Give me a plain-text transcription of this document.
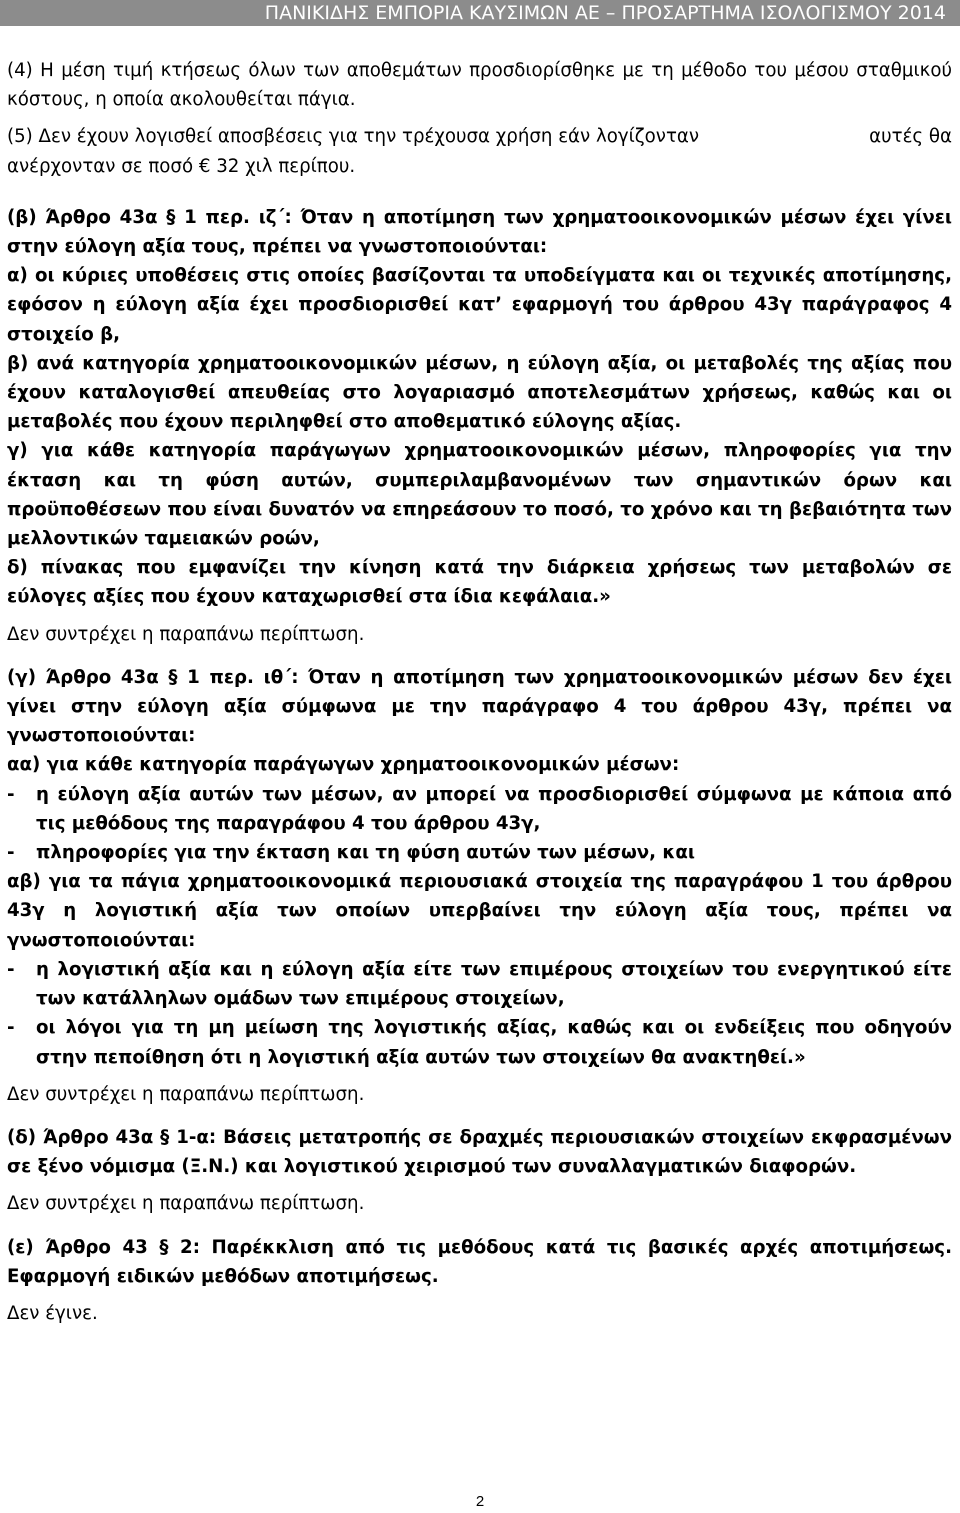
ΠΑΝΙΚΙΔΗΣ ΕΜΠΟΡΙΑ ΚΑΥΣΙΜΩΝ ΑΕ – ΠΡΟΣΑΡΤΗΜΑ ΙΣΟΛΟΓΙΣΜΟΥ 2014

(4) Η μέση τιμή κτήσεως όλων των αποθεμάτων προσδιορίσθηκε με τη μέθοδο του μέσου σταθμικού κόστους, η οποία ακολουθείται πάγια.

(5) Δεν έχουν λογισθεί αποσβέσεις για την τρέχουσα χρήση εάν λογίζονταν	αυτές θα

ανέρχονταν σε ποσό € 32 χιλ περίπου.

(β) Άρθρο 43α § 1 περ. ιζ΄: Όταν η αποτίμηση των χρηματοοικονομικών μέσων έχει γίνει στην εύλογη αξία τους, πρέπει να γνωστοποιούνται:

α) οι κύριες υποθέσεις στις οποίες βασίζονται τα υποδείγματα και οι τεχνικές αποτίμησης, εφόσον η εύλογη αξία έχει προσδιορισθεί κατ’ εφαρμογή του άρθρου 43γ παράγραφος 4 στοιχείο β,

β) ανά κατηγορία χρηματοοικονομικών μέσων, η εύλογη αξία, οι μεταβολές της αξίας που έχουν καταλογισθεί απευθείας στο λογαριασμό αποτελεσμάτων χρήσεως, καθώς και οι μεταβολές που έχουν περιληφθεί στο αποθεματικό εύλογης αξίας.

γ) για κάθε κατηγορία παράγωγων χρηματοοικονομικών μέσων, πληροφορίες για την έκταση και τη φύση αυτών, συμπεριλαμβανομένων των σημαντικών όρων και προϋποθέσεων που είναι δυνατόν να επηρεάσουν το ποσό, το χρόνο και τη βεβαιότητα των μελλοντικών ταμειακών ροών,

δ) πίνακας που εμφανίζει την κίνηση κατά την διάρκεια χρήσεως των μεταβολών σε εύλογες αξίες που έχουν καταχωρισθεί στα ίδια κεφάλαια.»

Δεν συντρέχει η παραπάνω περίπτωση.

(γ) Άρθρο 43α § 1 περ. ιθ΄: Όταν η αποτίμηση των χρηματοοικονομικών μέσων δεν έχει γίνει στην εύλογη αξία σύμφωνα με την παράγραφο 4 του άρθρου 43γ, πρέπει να γνωστοποιούνται:

αα) για κάθε κατηγορία παράγωγων χρηματοοικονομικών μέσων:

-	η εύλογη αξία αυτών των μέσων, αν μπορεί να προσδιορισθεί σύμφωνα με κάποια από τις μεθόδους της παραγράφου 4 του άρθρου 43γ,
-	πληροφορίες για την έκταση και τη φύση αυτών των μέσων, και

αβ) για τα πάγια χρηματοοικονομικά περιουσιακά στοιχεία της παραγράφου 1 του άρθρου 43γ η λογιστική αξία των οποίων υπερβαίνει την εύλογη αξία τους, πρέπει να γνωστοποιούνται:

-	η λογιστική αξία και η εύλογη αξία είτε των επιμέρους στοιχείων του ενεργητικού είτε των κατάλληλων ομάδων των επιμέρους στοιχείων,
-	οι λόγοι για τη μη μείωση της λογιστικής αξίας, καθώς και οι ενδείξεις που οδηγούν στην πεποίθηση ότι η λογιστική αξία αυτών των στοιχείων θα ανακτηθεί.»

Δεν συντρέχει η παραπάνω περίπτωση.

(δ) Άρθρο 43α § 1-α: Βάσεις μετατροπής σε δραχμές περιουσιακών στοιχείων εκφρασμένων σε ξένο νόμισμα (Ξ.Ν.) και λογιστικού χειρισμού των συναλλαγματικών διαφορών.

Δεν συντρέχει η παραπάνω περίπτωση.

(ε) Άρθρο 43 § 2: Παρέκκλιση από τις μεθόδους κατά τις βασικές αρχές αποτιμήσεως. Εφαρμογή ειδικών μεθόδων αποτιμήσεως.

Δεν έγινε.

2
